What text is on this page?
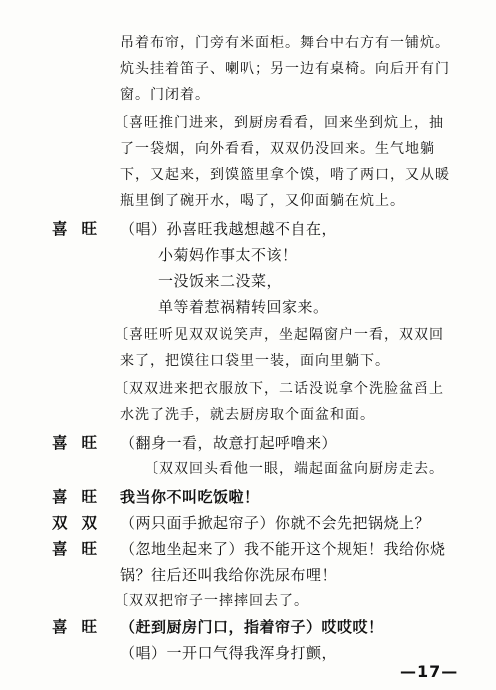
吊着布帘，门旁有米面柜。舞台中右方有一铺炕。
炕头挂着笛子、喇叭；另一边有桌椅。向后开有门
窗。门闭着。
〔喜旺推门进来，到厨房看看，回来坐到炕上，抽
了一袋烟，向外看看，双双仍没回来。生气地躺
下，又起来，到馍篮里拿个馍，啃了两口，又从暖
瓶里倒了碗开水，喝了，又仰面躺在炕上。
喜旺 （唱）孙喜旺我越想越不自在，
小菊妈作事太不该！
一没饭来二没菜，
单等着惹祸精转回家来。
〔喜旺听见双双说笑声，坐起隔窗户一看，双双回
来了，把馍往口袋里一装，面向里躺下。
〔双双进来把衣服放下，二话没说拿个洗脸盆舀上
水洗了洗手，就去厨房取个面盆和面。
喜旺 （翻身一看，故意打起呼噜来）
〔双双回头看他一眼，端起面盆向厨房走去。
喜旺 我当你不叫吃饭啦！
双双 （两只面手掀起帘子）你就不会先把锅烧上？
喜旺 （忽地坐起来了）我不能开这个规矩！我给你烧
锅？往后还叫我给你洗尿布哩！
—17—
〔双双把帘子一摔摔回去了。
喜旺 （赶到厨房门口，指着帘子）哎哎哎！
（唱）一开口气得我浑身打颤，
